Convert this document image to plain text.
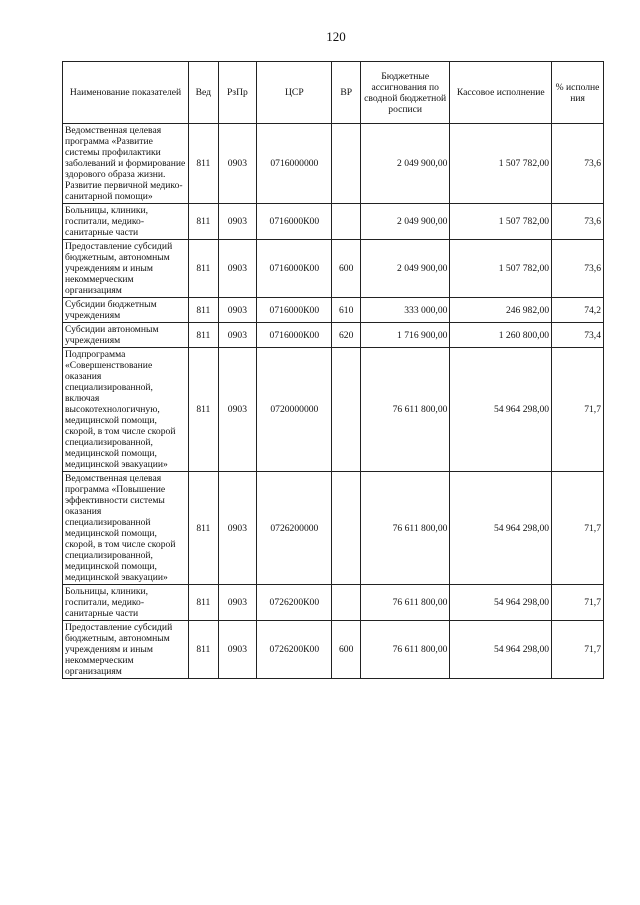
120
Наименование показателей	Вед	РзПр	ЦСР	ВР	Бюджетные ассигнования по сводной бюджетной росписи	Кассовое исполнение	% исполне ния
Ведомственная целевая программа «Развитие системы профилактики заболеваний и формирование здорового образа жизни. Развитие первичной медико-санитарной помощи»	811	0903	0716000000		2 049 900,00	1 507 782,00	73,6
Больницы, клиники, госпитали, медико-санитарные части	811	0903	0716000К00		2 049 900,00	1 507 782,00	73,6
Предоставление субсидий бюджетным, автономным учреждениям и иным некоммерческим организациям	811	0903	0716000К00	600	2 049 900,00	1 507 782,00	73,6
Субсидии бюджетным учреждениям	811	0903	0716000К00	610	333 000,00	246 982,00	74,2
Субсидии автономным учреждениям	811	0903	0716000К00	620	1 716 900,00	1 260 800,00	73,4
Подпрограмма «Совершенствование оказания специализированной, включая высокотехнологичную, медицинской помощи, скорой, в том числе скорой специализированной, медицинской помощи, медицинской эвакуации»	811	0903	0720000000		76 611 800,00	54 964 298,00	71,7
Ведомственная целевая программа «Повышение эффективности системы оказания специализированной медицинской помощи, скорой, в том числе скорой специализированной, медицинской помощи, медицинской эвакуации»	811	0903	0726200000		76 611 800,00	54 964 298,00	71,7
Больницы, клиники, госпитали, медико-санитарные части	811	0903	0726200К00		76 611 800,00	54 964 298,00	71,7
Предоставление субсидий бюджетным, автономным учреждениям и иным некоммерческим организациям	811	0903	0726200К00	600	76 611 800,00	54 964 298,00	71,7
